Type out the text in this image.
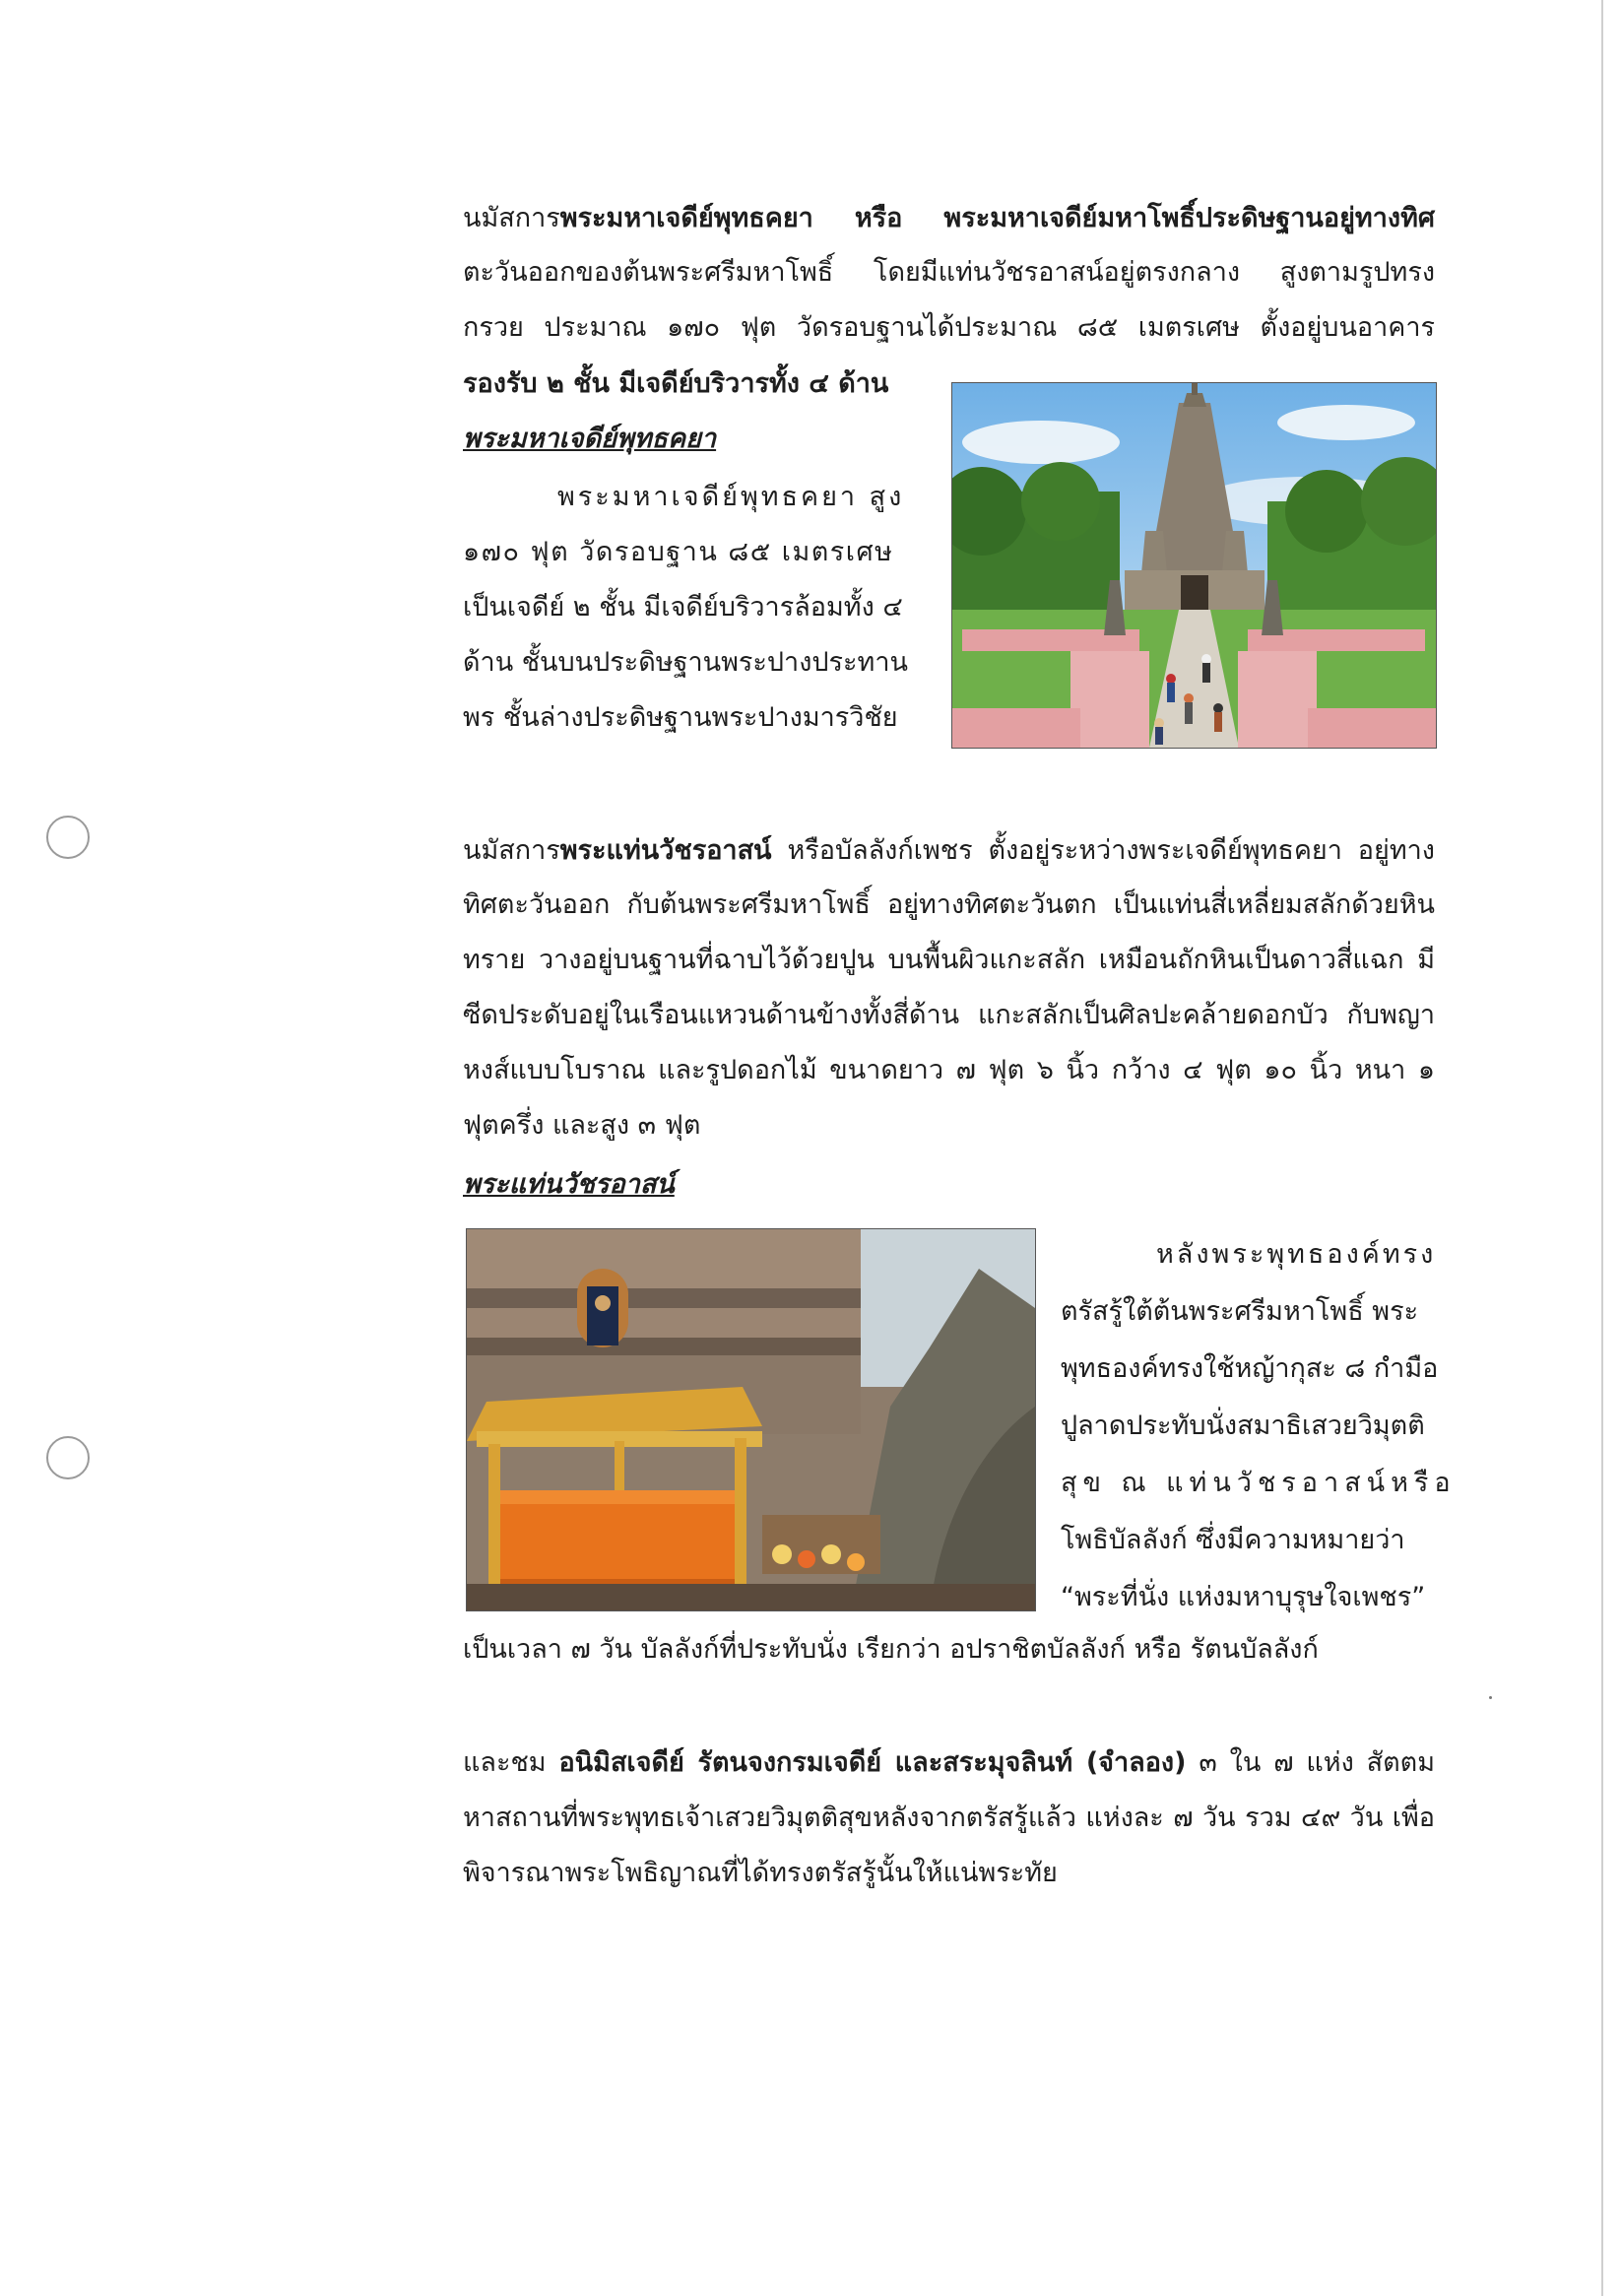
นมัสการพระมหาเจดีย์พุทธคยา หรือ พระมหาเจดีย์มหาโพธิ์ประดิษฐานอยู่ทางทิศ

ตะวันออกของต้นพระศรีมหาโพธิ์ โดยมีแท่นวัชรอาสน์อยู่ตรงกลาง สูงตามรูปทรง

กรวย ประมาณ ๑๗๐ ฟุต วัดรอบฐานได้ประมาณ ๘๕ เมตรเศษ ตั้งอยู่บนอาคาร

รองรับ ๒ ชั้น มีเจดีย์บริวารทั้ง ๔ ด้าน

พระมหาเจดีย์พุทธคยา

พระมหาเจดีย์พุทธคยา สูง

๑๗๐ ฟุต วัดรอบฐาน ๘๕ เมตรเศษ

เป็นเจดีย์ ๒ ชั้น มีเจดีย์บริวารล้อมทั้ง ๔

ด้าน ชั้นบนประดิษฐานพระปางประทาน

พร ชั้นล่างประดิษฐานพระปางมารวิชัย

นมัสการพระแท่นวัชรอาสน์ หรือบัลลังก์เพชร ตั้งอยู่ระหว่างพระเจดีย์พุทธคยา อยู่ทาง

ทิศตะวันออก กับต้นพระศรีมหาโพธิ์ อยู่ทางทิศตะวันตก เป็นแท่นสี่เหลี่ยมสลักด้วยหิน

ทราย วางอยู่บนฐานที่ฉาบไว้ด้วยปูน บนพื้นผิวแกะสลัก เหมือนถักหินเป็นดาวสี่แฉก มี

ซีดประดับอยู่ในเรือนแหวนด้านข้างทั้งสี่ด้าน แกะสลักเป็นศิลปะคล้ายดอกบัว กับพญา

หงส์แบบโบราณ และรูปดอกไม้ ขนาดยาว ๗ ฟุต ๖ นิ้ว กว้าง ๔ ฟุต ๑๐ นิ้ว หนา ๑

ฟุตครึ่ง และสูง ๓ ฟุต

พระแท่นวัชรอาสน์

หลังพระพุทธองค์ทรง

ตรัสรู้ใต้ต้นพระศรีมหาโพธิ์ พระ

พุทธองค์ทรงใช้หญ้ากุสะ ๘ กำมือ

ปูลาดประทับนั่งสมาธิเสวยวิมุตติ

สุข ณ แท่นวัชรอาสน์หรือ

โพธิบัลลังก์ ซึ่งมีความหมายว่า

“พระที่นั่ง แห่งมหาบุรุษใจเพชร”

เป็นเวลา ๗ วัน บัลลังก์ที่ประทับนั่ง เรียกว่า อปราชิตบัลลังก์ หรือ รัตนบัลลังก์

และชม อนิมิสเจดีย์ รัตนจงกรมเจดีย์ และสระมุจลินท์ (จำลอง) ๓ ใน ๗ แห่ง สัตตม

หาสถานที่พระพุทธเจ้าเสวยวิมุตติสุขหลังจากตรัสรู้แล้ว แห่งละ ๗ วัน รวม ๔๙ วัน เพื่อ

พิจารณาพระโพธิญาณที่ได้ทรงตรัสรู้นั้นให้แน่พระทัย
